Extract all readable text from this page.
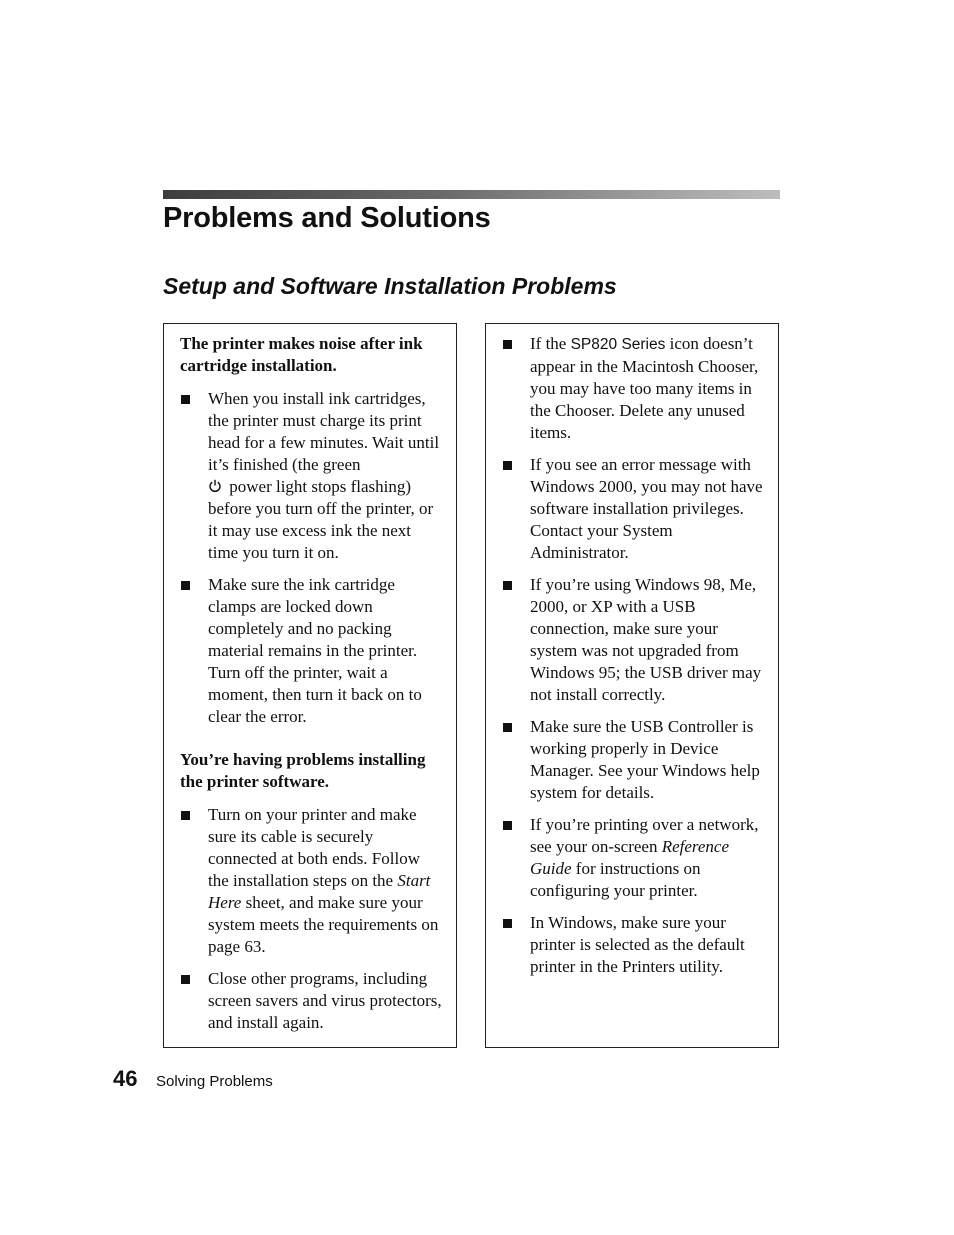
Problems and Solutions
Setup and Software Installation Problems

The printer makes noise after ink cartridge installation.

When you install ink cartridges, the printer must charge its print head for a few minutes. Wait until it’s finished (the green
power light stops flashing) before you turn off the printer, or it may use excess ink the next time you turn it on.
Make sure the ink cartridge clamps are locked down completely and no packing material remains in the printer. Turn off the printer, wait a moment, then turn it back on to clear the error.

You’re having problems installing the printer software.

Turn on your printer and make sure its cable is securely connected at both ends. Follow the installation steps on the Start Here sheet, and make sure your system meets the requirements on page 63.
Close other programs, including screen savers and virus protectors, and install again.
If the SP820 Series icon doesn’t appear in the Macintosh Chooser, you may have too many items in the Chooser. Delete any unused items.
If you see an error message with Windows 2000, you may not have software installation privileges. Contact your System Administrator.
If you’re using Windows 98, Me, 2000, or XP with a USB connection, make sure your system was not upgraded from Windows 95; the USB driver may not install correctly.
Make sure the USB Controller is working properly in Device Manager. See your Windows help system for details.
If you’re printing over a network, see your on-screen Reference Guide for instructions on configuring your printer.
In Windows, make sure your printer is selected as the default printer in the Printers utility.
46 Solving Problems
